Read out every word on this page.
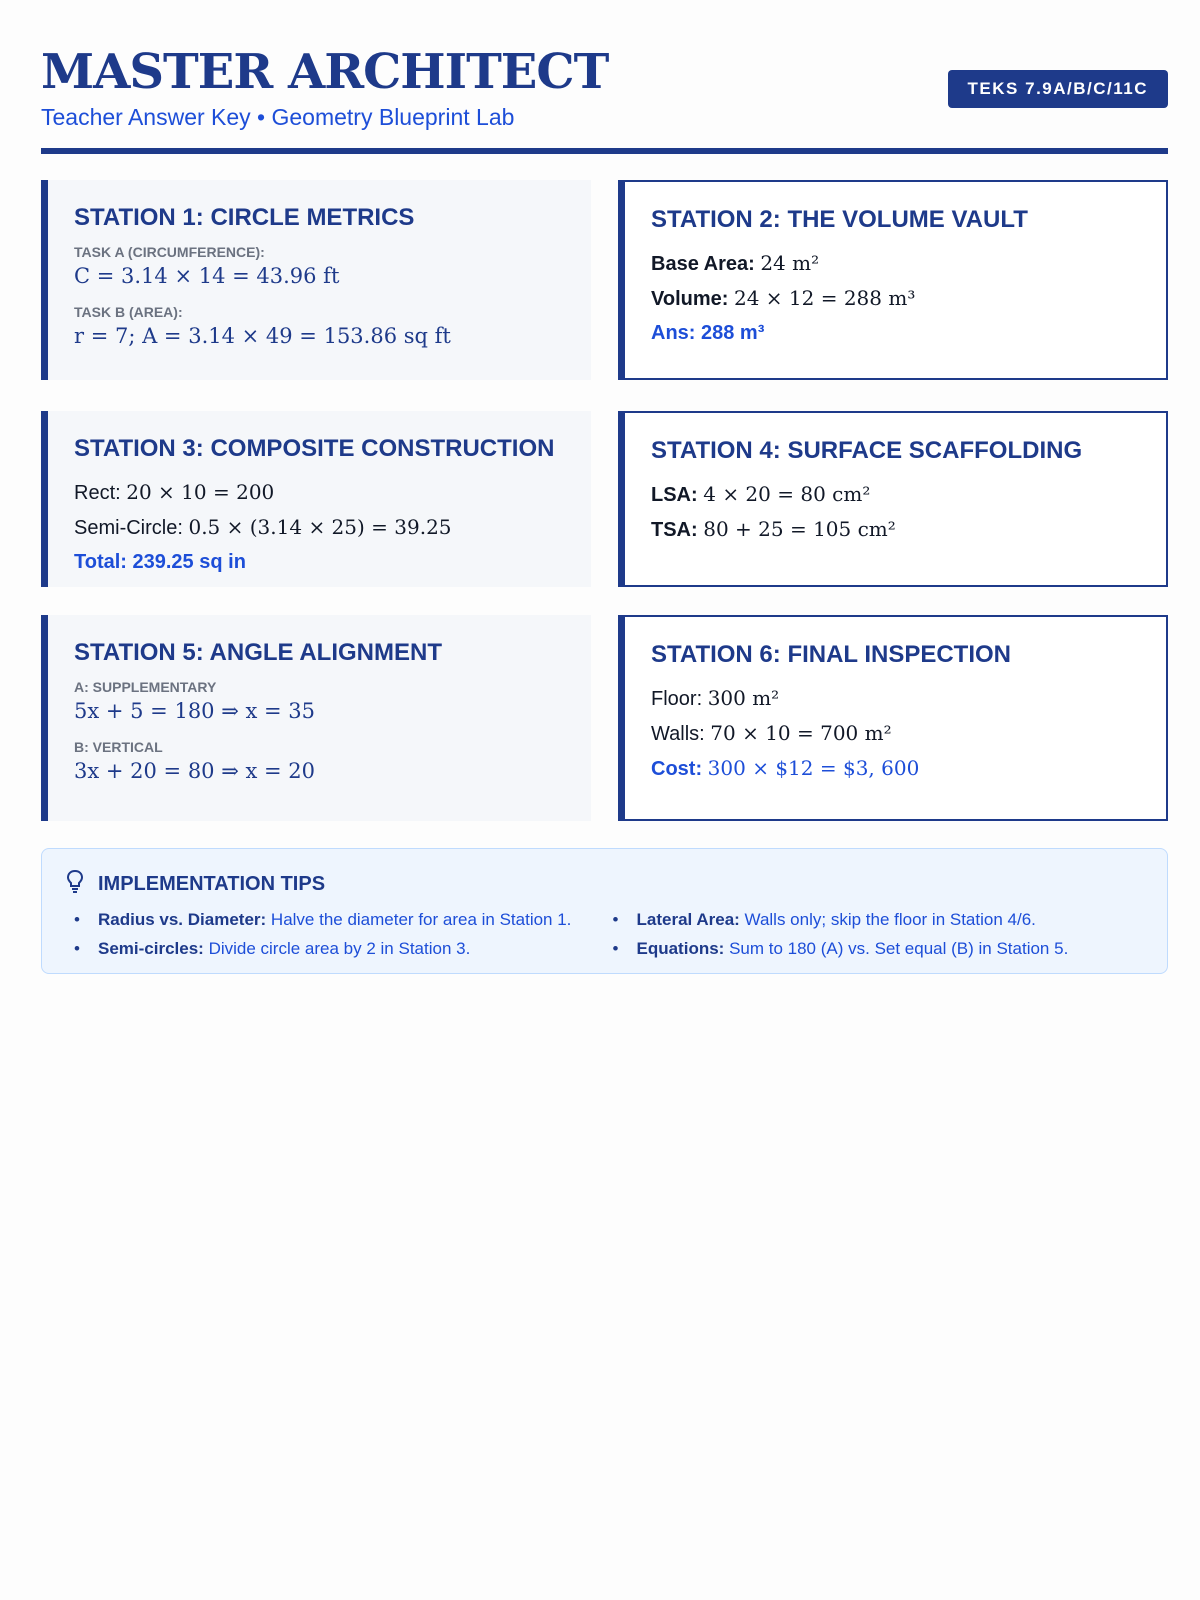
MASTER ARCHITECT
Teacher Answer Key • Geometry Blueprint Lab
TEKS 7.9A/B/C/11C
STATION 1: CIRCLE METRICS
TASK A (CIRCUMFERENCE):
C = 3.14 × 14 = 43.96 ft
TASK B (AREA):
r = 7; A = 3.14 × 49 = 153.86 sq ft
STATION 2: THE VOLUME VAULT
Base Area: 24 m²
Volume: 24 × 12 = 288 m³
Ans: 288 m³
STATION 3: COMPOSITE CONSTRUCTION
Rect: 20 × 10 = 200
Semi-Circle: 0.5 × (3.14 × 25) = 39.25
Total: 239.25 sq in
STATION 4: SURFACE SCAFFOLDING
LSA: 4 × 20 = 80 cm²
TSA: 80 + 25 = 105 cm²
STATION 5: ANGLE ALIGNMENT
A: SUPPLEMENTARY
5x + 5 = 180 ⇒ x = 35
B: VERTICAL
3x + 20 = 80 ⇒ x = 20
STATION 6: FINAL INSPECTION
Floor: 300 m²
Walls: 70 × 10 = 700 m²
Cost: 300 × $12 = $3, 600
IMPLEMENTATION TIPS
• Radius vs. Diameter: Halve the diameter for area in Station 1.
• Semi-circles: Divide circle area by 2 in Station 3.
• Lateral Area: Walls only; skip the floor in Station 4/6.
• Equations: Sum to 180 (A) vs. Set equal (B) in Station 5.
